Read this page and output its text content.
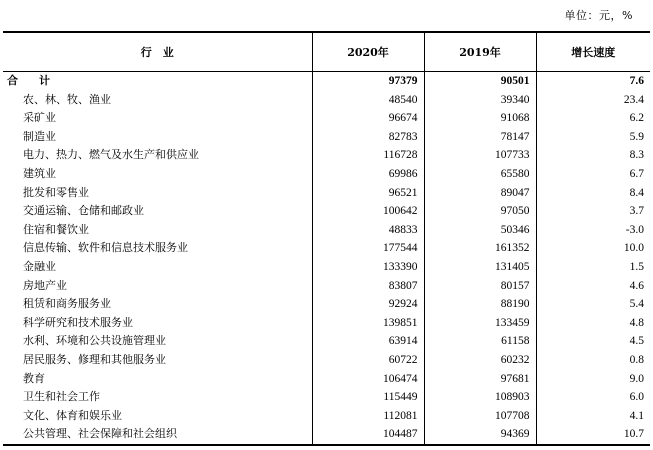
单位：元，%
行　业	2020年	2019年	增长速度
合　计	97379	90501	7.6
农、林、牧、渔业	48540	39340	23.4
采矿业	96674	91068	6.2
制造业	82783	78147	5.9
电力、热力、燃气及水生产和供应业	116728	107733	8.3
建筑业	69986	65580	6.7
批发和零售业	96521	89047	8.4
交通运输、仓储和邮政业	100642	97050	3.7
住宿和餐饮业	48833	50346	-3.0
信息传输、软件和信息技术服务业	177544	161352	10.0
金融业	133390	131405	1.5
房地产业	83807	80157	4.6
租赁和商务服务业	92924	88190	5.4
科学研究和技术服务业	139851	133459	4.8
水利、环境和公共设施管理业	63914	61158	4.5
居民服务、修理和其他服务业	60722	60232	0.8
教育	106474	97681	9.0
卫生和社会工作	115449	108903	6.0
文化、体育和娱乐业	112081	107708	4.1
公共管理、社会保障和社会组织	104487	94369	10.7
